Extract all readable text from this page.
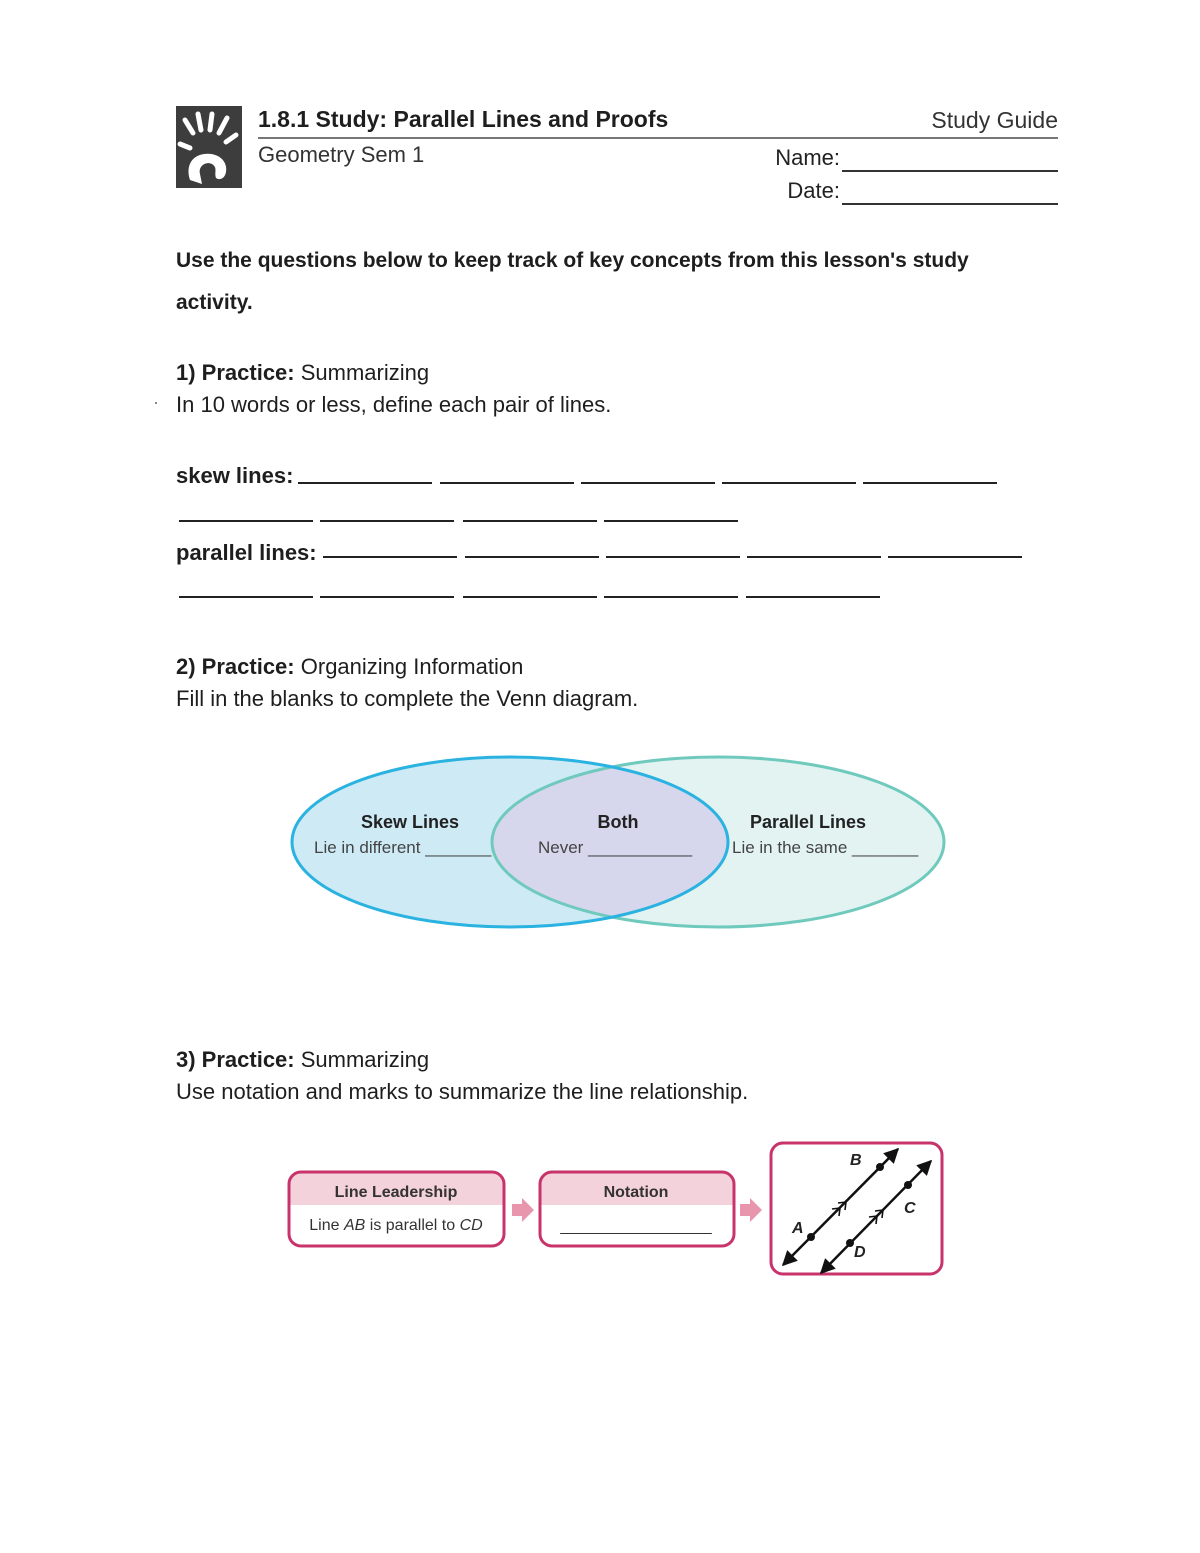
1.8.1 Study: Parallel Lines and Proofs	Study Guide
Geometry Sem 1	Name:
Date:
Use the questions below to keep track of key concepts from this lesson's study activity.
1) Practice: Summarizing
In 10 words or less, define each pair of lines.
skew lines:
parallel lines:
2) Practice: Organizing Information
Fill in the blanks to complete the Venn diagram.
Skew Lines
Lie in different _______
Both
Never ___________
Parallel Lines
Lie in the same _______
3) Practice: Summarizing
Use notation and marks to summarize the line relationship.
Line Leadership
Line AB is parallel to CD
Notation
_________________	A
B
C
D
